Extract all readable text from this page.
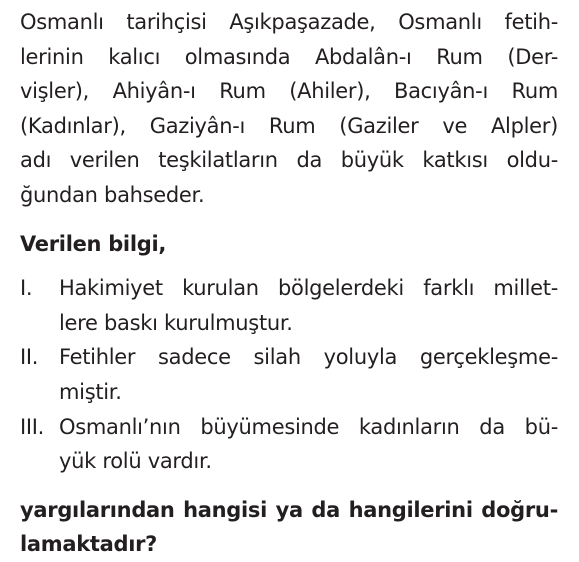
Osmanlı tarihçisi Aşıkpaşazade, Osmanlı fetih-
lerinin kalıcı olmasında Abdalân-ı Rum (Der-
vişler), Ahiyân-ı Rum (Ahiler), Bacıyân-ı Rum
(Kadınlar), Gaziyân-ı Rum (Gaziler ve Alpler)
adı verilen teşkilatların da büyük katkısı oldu-
ğundan bahseder.
Verilen bilgi,
I. Hakimiyet kurulan bölgelerdeki farklı millet-
lere baskı kurulmuştur.
II. Fetihler sadece silah yoluyla gerçekleşme-
miştir.
III. Osmanlı’nın büyümesinde kadınların da bü-
yük rolü vardır.
yargılarından hangisi ya da hangilerini doğru-
lamaktadır?
